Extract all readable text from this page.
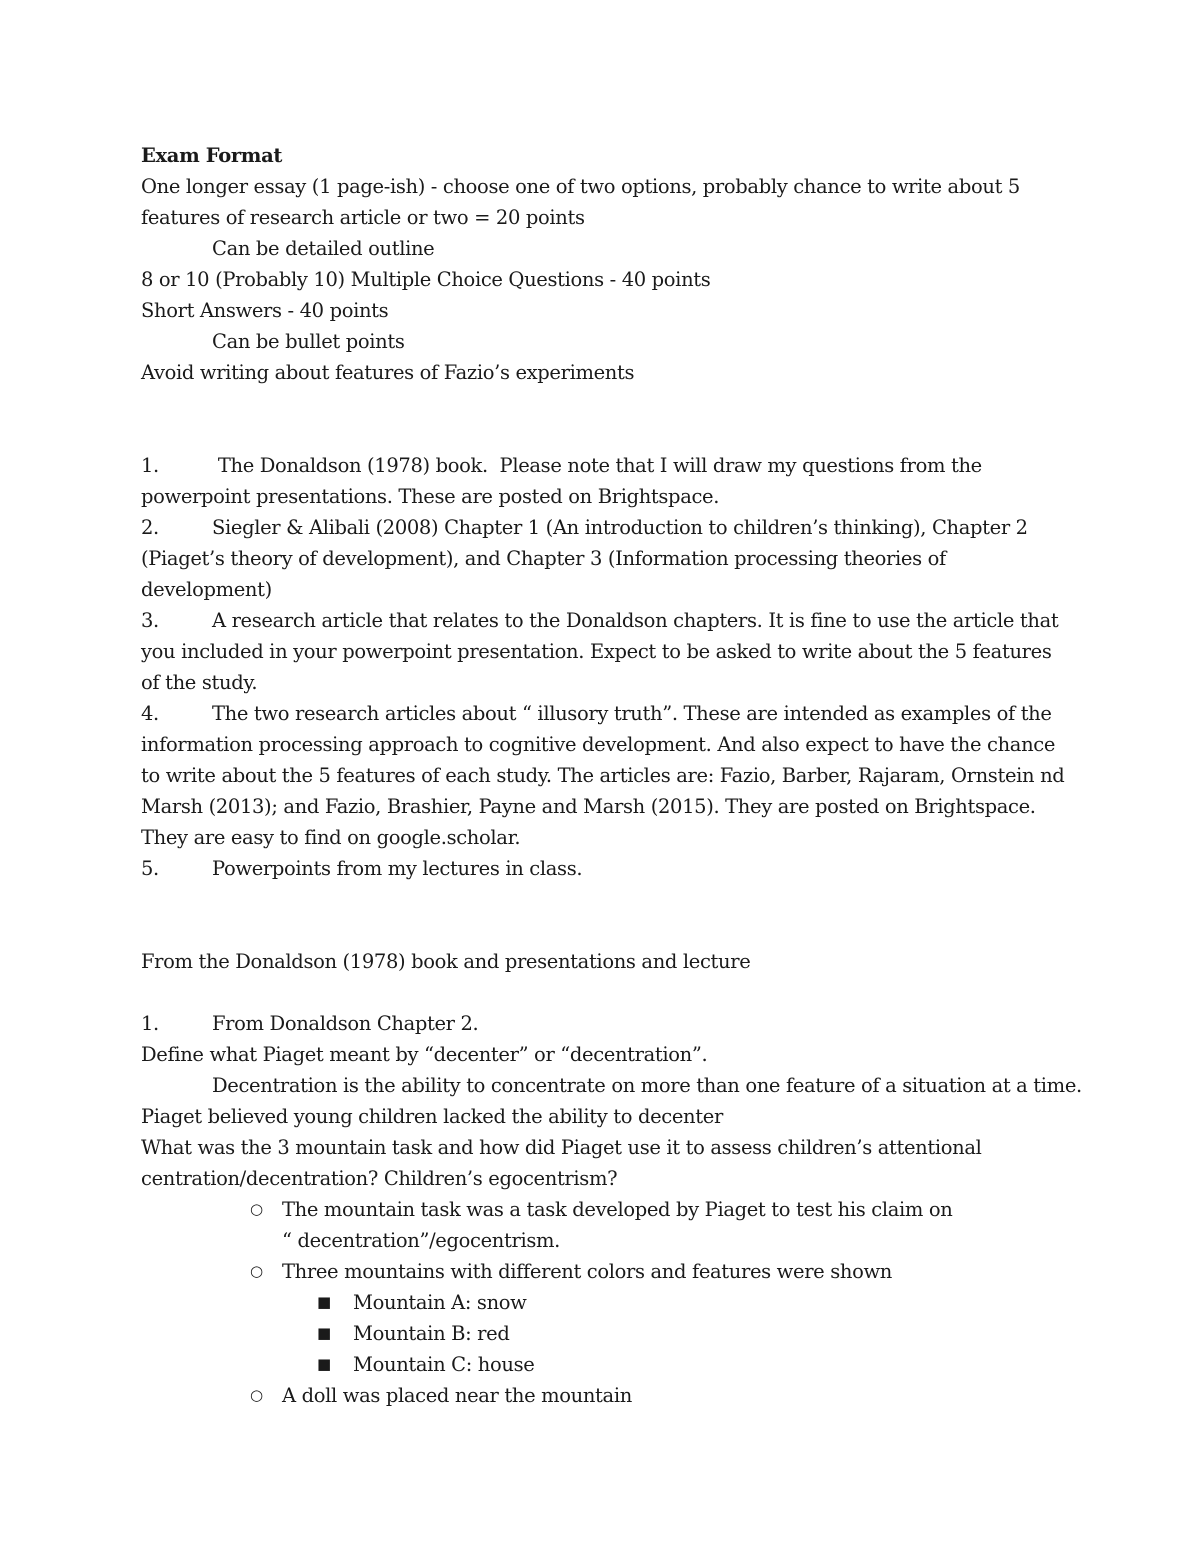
Exam Format
One longer essay (1 page-ish) - choose one of two options, probably chance to write about 5
features of research article or two = 20 points
Can be detailed outline
8 or 10 (Probably 10) Multiple Choice Questions - 40 points
Short Answers - 40 points
Can be bullet points
Avoid writing about features of Fazio’s experiments
1.	The Donaldson (1978) book.  Please note that I will draw my questions from the
powerpoint presentations. These are posted on Brightspace.
2.	Siegler & Alibali (2008) Chapter 1 (An introduction to children’s thinking), Chapter 2
(Piaget’s theory of development), and Chapter 3 (Information processing theories of
development)
3.	A research article that relates to the Donaldson chapters. It is fine to use the article that
you included in your powerpoint presentation. Expect to be asked to write about the 5 features
of the study.
4.	The two research articles about “ illusory truth”. These are intended as examples of the
information processing approach to cognitive development. And also expect to have the chance
to write about the 5 features of each study. The articles are: Fazio, Barber, Rajaram, Ornstein nd
Marsh (2013); and Fazio, Brashier, Payne and Marsh (2015). They are posted on Brightspace.
They are easy to find on google.scholar.
5.	Powerpoints from my lectures in class.
From the Donaldson (1978) book and presentations and lecture
1.	From Donaldson Chapter 2.
Define what Piaget meant by “decenter” or “decentration”.
Decentration is the ability to concentrate on more than one feature of a situation at a time.
Piaget believed young children lacked the ability to decenter
What was the 3 mountain task and how did Piaget use it to assess children’s attentional
centration/decentration? Children’s egocentrism?
○ The mountain task was a task developed by Piaget to test his claim on
“ decentration”/egocentrism.
○ Three mountains with different colors and features were shown
■ Mountain A: snow
■ Mountain B: red
■ Mountain C: house
○ A doll was placed near the mountain
